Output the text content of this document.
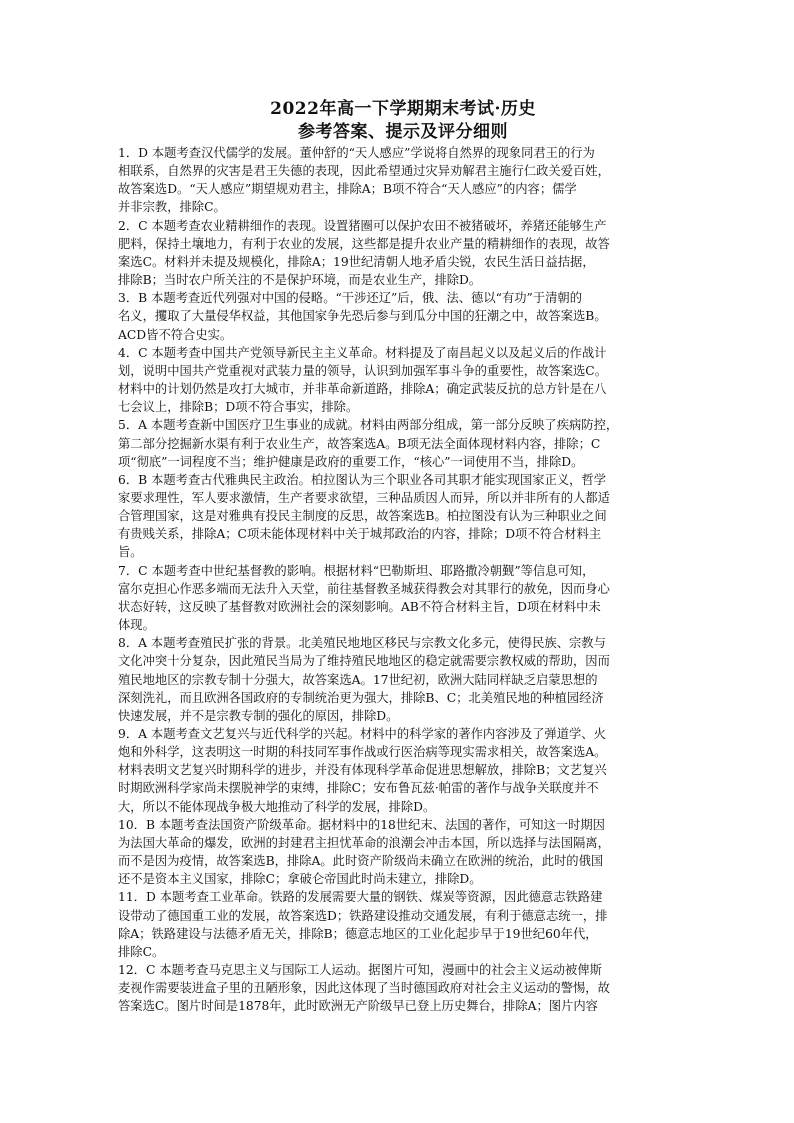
2022年高一下学期期末考试·历史
参考答案、提示及评分细则

1．D 本题考查汉代儒学的发展。董仲舒的“天人感应”学说将自然界的现象同君王的行为
相联系，自然界的灾害是君王失德的表现，因此希望通过灾异劝解君主施行仁政关爱百姓，
故答案选D。“天人感应”期望规劝君主，排除A；B项不符合“天人感应”的内容；儒学
并非宗教，排除C。

2．C 本题考查农业精耕细作的表现。设置猪圈可以保护农田不被猪破坏，养猪还能够生产
肥料，保持土壤地力，有利于农业的发展，这些都是提升农业产量的精耕细作的表现，故答
案选C。材料并未提及规模化，排除A；19世纪清朝人地矛盾尖锐，农民生活日益拮据，
排除B；当时农户所关注的不是保护环境，而是农业生产，排除D。

3．B 本题考查近代列强对中国的侵略。“干涉还辽”后，俄、法、德以“有功”于清朝的
名义，攫取了大量侵华权益，其他国家争先恐后参与到瓜分中国的狂潮之中，故答案选B。
ACD皆不符合史实。

4．C 本题考查中国共产党领导新民主主义革命。材料提及了南昌起义以及起义后的作战计
划，说明中国共产党重视对武装力量的领导，认识到加强军事斗争的重要性，故答案选C。
材料中的计划仍然是攻打大城市，并非革命新道路，排除A；确定武装反抗的总方针是在八
七会议上，排除B；D项不符合事实，排除。

5．A 本题考查新中国医疗卫生事业的成就。材料由两部分组成，第一部分反映了疾病防控，
第二部分挖掘新水渠有利于农业生产，故答案选A。B项无法全面体现材料内容，排除；C
项“彻底”一词程度不当；维护健康是政府的重要工作，“核心”一词使用不当，排除D。

6．B 本题考查古代雅典民主政治。柏拉图认为三个职业各司其职才能实现国家正义，哲学
家要求理性，军人要求激情，生产者要求欲望，三种品质因人而异，所以并非所有的人都适
合管理国家，这是对雅典有投民主制度的反思，故答案选B。柏拉图没有认为三种职业之间
有贵贱关系，排除A；C项未能体现材料中关于城邦政治的内容，排除；D项不符合材料主
旨。

7．C 本题考查中世纪基督教的影响。根据材料“巴勒斯坦、耶路撒冷朝觐”等信息可知，
富尔克担心作恶多端而无法升入天堂，前往基督教圣城获得教会对其罪行的赦免，因而身心
状态好转，这反映了基督教对欧洲社会的深刻影响。AB不符合材料主旨，D项在材料中未
体现。

8．A 本题考查殖民扩张的背景。北美殖民地地区移民与宗教文化多元，使得民族、宗教与
文化冲突十分复杂，因此殖民当局为了维持殖民地地区的稳定就需要宗教权威的帮助，因而
殖民地地区的宗教专制十分强大，故答案选A。17世纪初，欧洲大陆同样缺乏启蒙思想的
深刻洗礼，而且欧洲各国政府的专制统治更为强大，排除B、C；北美殖民地的种植园经济
快速发展，并不是宗教专制的强化的原因，排除D。

9．A 本题考查文艺复兴与近代科学的兴起。材料中的科学家的著作内容涉及了弹道学、火
炮和外科学，这表明这一时期的科技同军事作战或行医治病等现实需求相关，故答案选A。
材料表明文艺复兴时期科学的进步，并没有体现科学革命促进思想解放，排除B；文艺复兴
时期欧洲科学家尚未摆脱神学的束缚，排除C；安布鲁瓦兹·帕雷的著作与战争关联度并不
大，所以不能体现战争极大地推动了科学的发展，排除D。

10．B 本题考查法国资产阶级革命。据材料中的18世纪末、法国的著作，可知这一时期因
为法国大革命的爆发，欧洲的封建君主担忧革命的浪潮会冲击本国，所以选择与法国隔离，
而不是因为疫情，故答案选B，排除A。此时资产阶级尚未确立在欧洲的统治，此时的俄国
还不是资本主义国家，排除C；拿破仑帝国此时尚未建立，排除D。

11．D 本题考查工业革命。铁路的发展需要大量的钢铁、煤炭等资源，因此德意志铁路建
设带动了德国重工业的发展，故答案选D；铁路建设推动交通发展，有利于德意志统一，排
除A；铁路建设与法德矛盾无关，排除B；德意志地区的工业化起步早于19世纪60年代，
排除C。

12．C 本题考查马克思主义与国际工人运动。据图片可知，漫画中的社会主义运动被俾斯
麦视作需要装进盒子里的丑陋形象，因此这体现了当时德国政府对社会主义运动的警惕，故
答案选C。图片时间是1878年，此时欧洲无产阶级早已登上历史舞台，排除A；图片内容
